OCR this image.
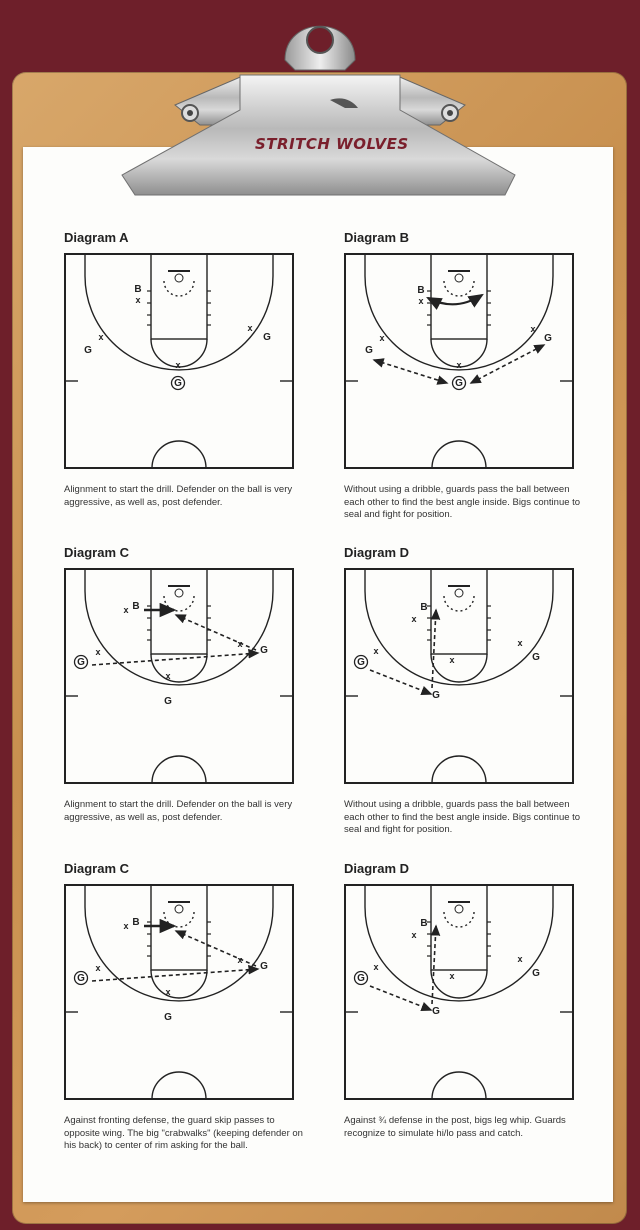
STRITCH WOLVES
Diagram A
B
x
x
G
x
G
x
G
Alignment to start the drill. Defender on the ball is very aggressive, as well as, post defender.
Diagram B
B
x
x
G
x
G
x
G
Without using a dribble, guards pass the ball between each other to find the best angle inside. Bigs continue to seal and fight for position.
Diagram C
x B
x
G
x
G
x
G
Alignment to start the drill. Defender on the ball is very aggressive, as well as, post defender.
Diagram D
x
B
x
G
x
G
x
G
Without using a dribble, guards pass the ball between each other to find the best angle inside. Bigs continue to seal and fight for position.
Diagram C
x B
x
G
x
G
x
G
Against fronting defense, the guard skip passes to opposite wing. The big "crabwalks" (keeping defender on his back) to center of rim asking for the ball.
Diagram D
x
B
x
G
x
G
x
G
Against ¾ defense in the post, bigs leg whip. Guards recognize to simulate hi/lo pass and catch.
